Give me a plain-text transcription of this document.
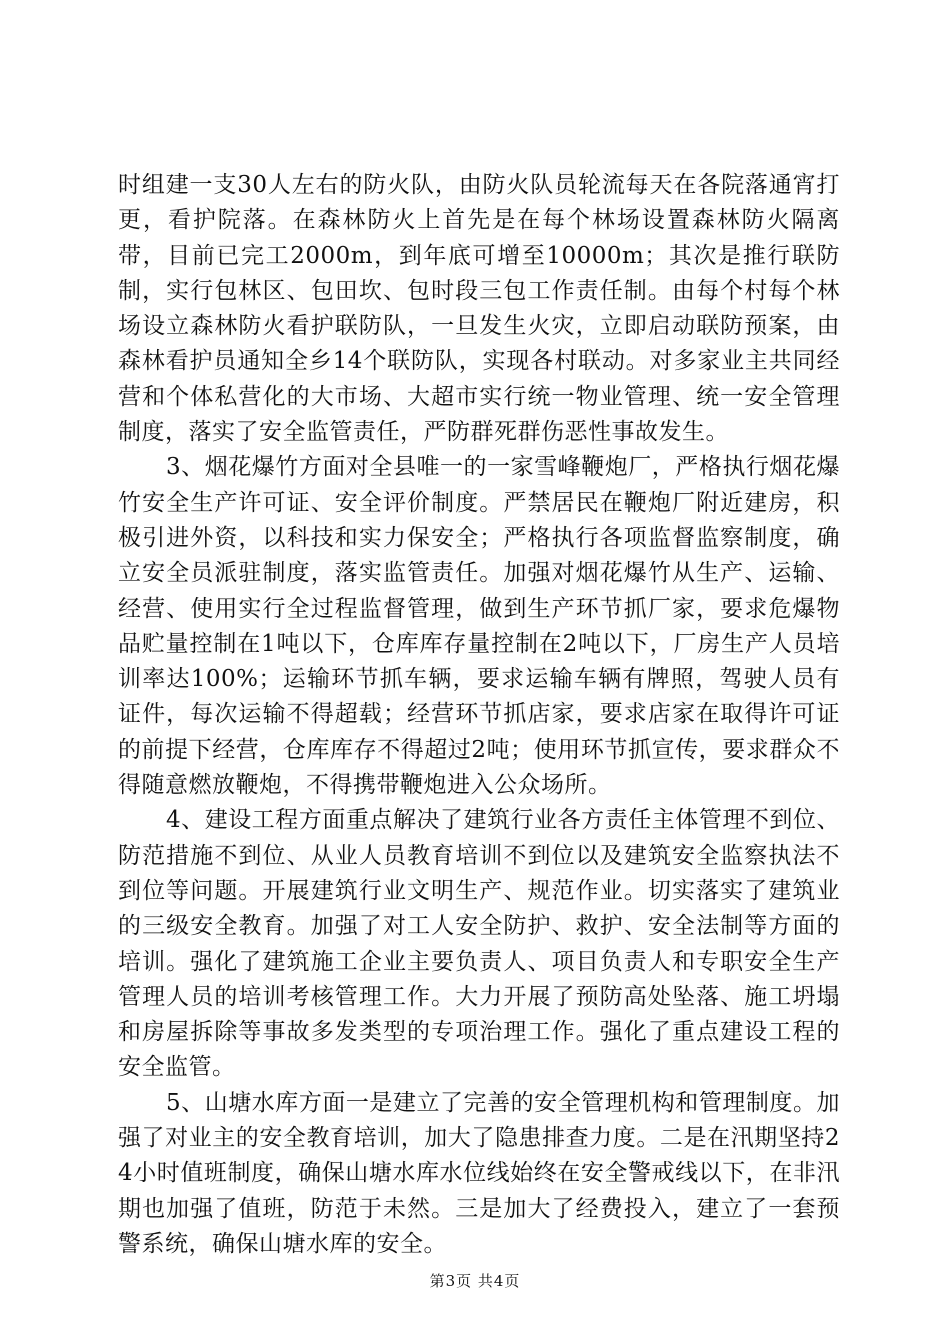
时组建一支30人左右的防火队，由防火队员轮流每天在各院落通宵打更，看护院落。在森林防火上首先是在每个林场设置森林防火隔离带，目前已完工2000m，到年底可增至10000m；其次是推行联防制，实行包林区、包田坎、包时段三包工作责任制。由每个村每个林场设立森林防火看护联防队，一旦发生火灾，立即启动联防预案，由森林看护员通知全乡14个联防队，实现各村联动。对多家业主共同经营和个体私营化的大市场、大超市实行统一物业管理、统一安全管理制度，落实了安全监管责任，严防群死群伤恶性事故发生。

3、烟花爆竹方面对全县唯一的一家雪峰鞭炮厂，严格执行烟花爆竹安全生产许可证、安全评价制度。严禁居民在鞭炮厂附近建房，积极引进外资，以科技和实力保安全；严格执行各项监督监察制度，确立安全员派驻制度，落实监管责任。加强对烟花爆竹从生产、运输、经营、使用实行全过程监督管理，做到生产环节抓厂家，要求危爆物品贮量控制在1吨以下，仓库库存量控制在2吨以下，厂房生产人员培训率达100%；运输环节抓车辆，要求运输车辆有牌照，驾驶人员有证件，每次运输不得超载；经营环节抓店家，要求店家在取得许可证的前提下经营，仓库库存不得超过2吨；使用环节抓宣传，要求群众不得随意燃放鞭炮，不得携带鞭炮进入公众场所。

4、建设工程方面重点解决了建筑行业各方责任主体管理不到位、防范措施不到位、从业人员教育培训不到位以及建筑安全监察执法不到位等问题。开展建筑行业文明生产、规范作业。切实落实了建筑业的三级安全教育。加强了对工人安全防护、救护、安全法制等方面的培训。强化了建筑施工企业主要负责人、项目负责人和专职安全生产管理人员的培训考核管理工作。大力开展了预防高处坠落、施工坍塌和房屋拆除等事故多发类型的专项治理工作。强化了重点建设工程的安全监管。

5、山塘水库方面一是建立了完善的安全管理机构和管理制度。加强了对业主的安全教育培训，加大了隐患排查力度。二是在汛期坚持24小时值班制度，确保山塘水库水位线始终在安全警戒线以下，在非汛期也加强了值班，防范于未然。三是加大了经费投入，建立了一套预警系统，确保山塘水库的安全。

第3页 共4页
